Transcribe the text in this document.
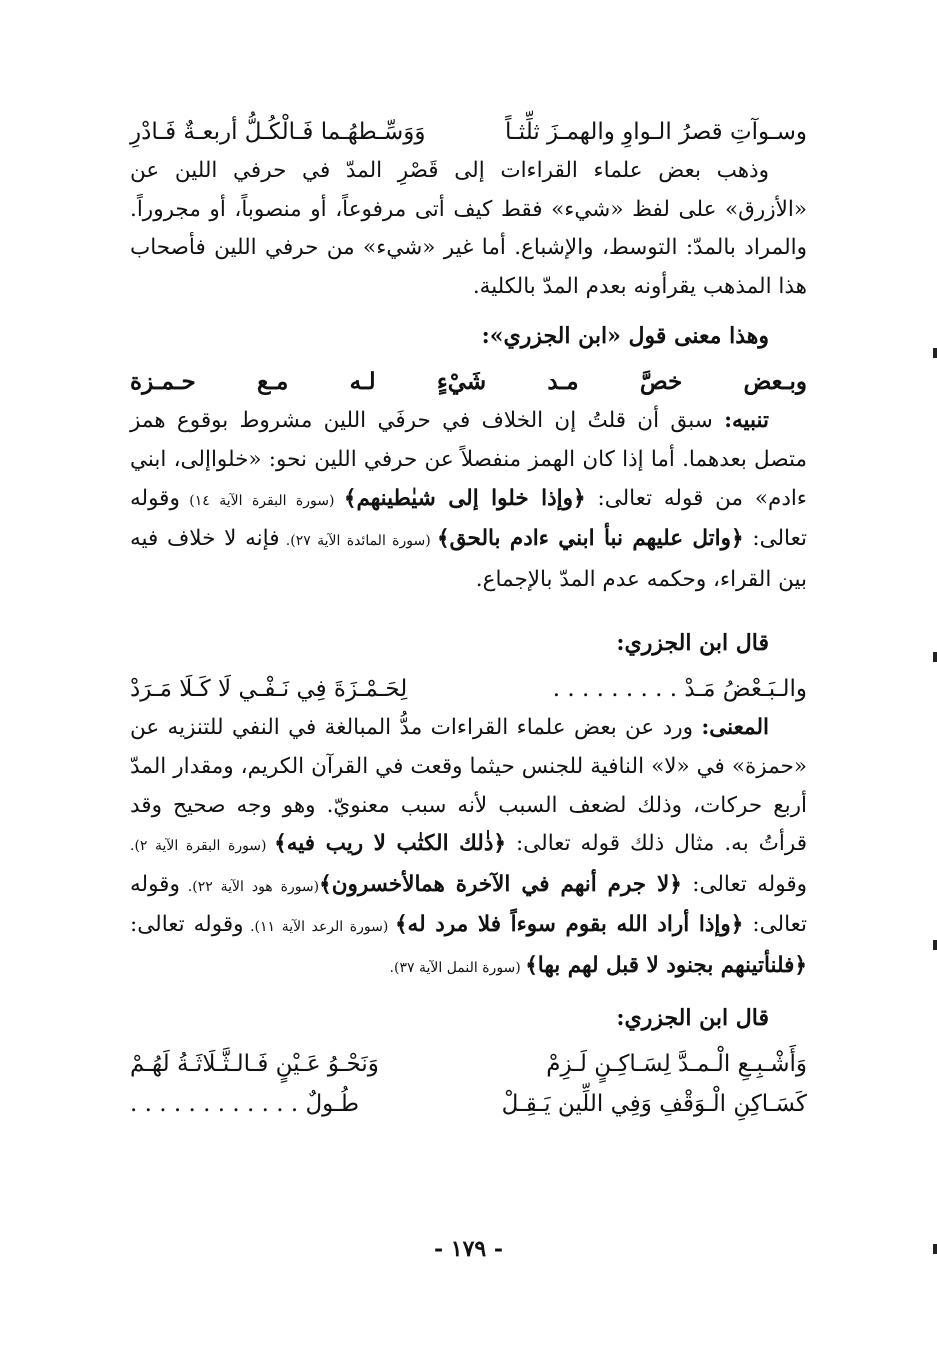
وسـوآتِ قصرُ الـواوِ والهمـزَ ثلِّثـاً
وَوَسِّـطهُـما فَـالْكُـلُّ أربعـةٌ فَـادْرِ

وذهب بعض علماء القراءات إلى قَصْرِ المدّ في حرفي اللين عن «الأزرق» على لفظ «شيء» فقط كيف أتى مرفوعاً، أو منصوباً، أو مجروراً. والمراد بالمدّ: التوسط، والإشباع. أما غير «شيء» من حرفي اللين فأصحاب هذا المذهب يقرأونه بعدم المدّ بالكلية.

وهذا معنى قول «ابن الجزري»:
وبـعض
خصَّ
مـد
شَيْءٍ
لـه
مـع
حـمـزة

تنبيه: سبق أن قلتُ إن الخلاف في حرفَي اللين مشروط بوقوع همز متصل بعدهما. أما إذا كان الهمز منفصلاً عن حرفي اللين نحو: «خلواإلى، ابني ءادم» من قوله تعالى: ﴿وإذا خلوا إلى شيٰطينهم﴾ (سورة البقرة الآية ١٤) وقوله تعالى: ﴿واتل عليهم نبأ ابني ءادم بالحق﴾ (سورة المائدة الآية ٢٧). فإنه لا خلاف فيه بين القراء، وحكمه عدم المدّ بالإجماع.

قال ابن الجزري:
والـبَـعْضُ مَـدْ . . . . . . . . .
لِحَـمْـزَةَ فِي نَـفْـي لَا كَـلَا مَـرَدْ

المعنى: ورد عن بعض علماء القراءات مدُّ المبالغة في النفي للتنزيه عن «حمزة» في «لا» النافية للجنس حيثما وقعت في القرآن الكريم، ومقدار المدّ أربع حركات، وذلك لضعف السبب لأنه سبب معنويّ. وهو وجه صحيح وقد قرأتُ به. مثال ذلك قوله تعالى: ﴿ذٰلك الكتٰب لا ريب فيه﴾ (سورة البقرة الآية ٢). وقوله تعالى: ﴿لا جرم أنهم في الآخرة همالأخسرون﴾(سورة هود الآية ٢٢). وقوله تعالى: ﴿وإذا أراد الله بقوم سوءاً فلا مرد له﴾ (سورة الرعد الآية ١١). وقوله تعالى: ﴿فلنأتينهم بجنود لا قبل لهم بها﴾ (سورة النمل الآية ٣٧).

قال ابن الجزري:
وَأَشْـبِـعِ الْـمـدَّ لِسَـاكِـنٍ لَـزِمْ
وَنَحْـوُ عَـيْنٍ فَـالـثَّـلَاثَـةُ لَهُـمْ
كَسَـاكِنِ الْـوَقْفِ وَفِي اللِّين يَـقِـلْ
طُـولٌ . . . . . . . . . . . .
- ١٧٩ -
